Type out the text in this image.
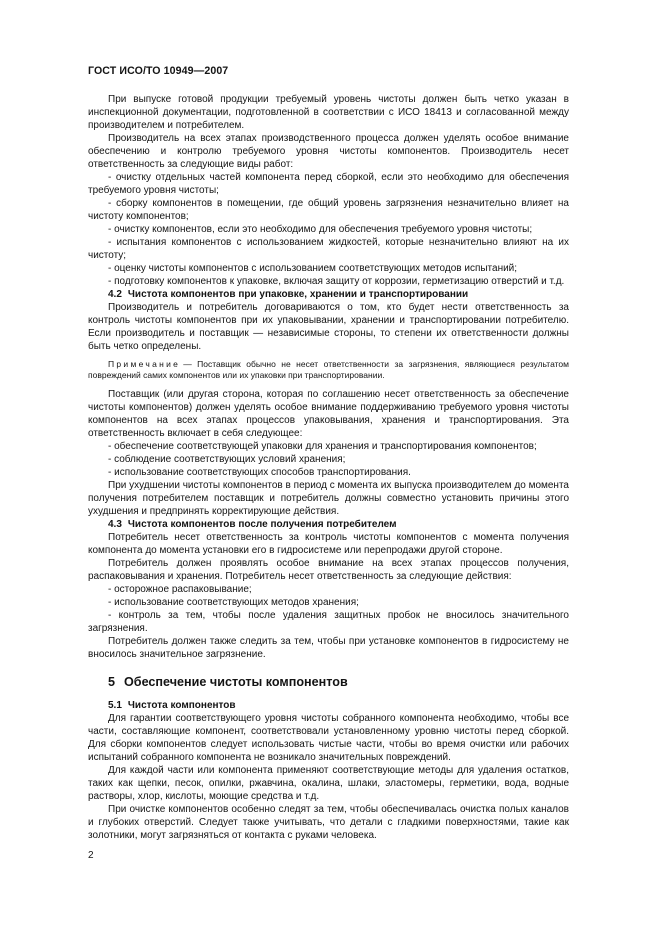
ГОСТ ИСО/ТО 10949—2007

При выпуске готовой продукции требуемый уровень чистоты должен быть четко указан в инспекционной документации, подготовленной в соответствии с ИСО 18413 и согласованной между производителем и потребителем.

Производитель на всех этапах производственного процесса должен уделять особое внимание обеспечению и контролю требуемого уровня чистоты компонентов. Производитель несет ответственность за следующие виды работ:

- очистку отдельных частей компонента перед сборкой, если это необходимо для обеспечения требуемого уровня чистоты;

- сборку компонентов в помещении, где общий уровень загрязнения незначительно влияет на чистоту компонентов;

- очистку компонентов, если это необходимо для обеспечения требуемого уровня чистоты;

- испытания компонентов с использованием жидкостей, которые незначительно влияют на их чистоту;

- оценку чистоты компонентов с использованием соответствующих методов испытаний;

- подготовку компонентов к упаковке, включая защиту от коррозии, герметизацию отверстий и т.д.

4.2 Чистота компонентов при упаковке, хранении и транспортировании

Производитель и потребитель договариваются о том, кто будет нести ответственность за контроль чистоты компонентов при их упаковывании, хранении и транспортировании потребителю. Если производитель и поставщик — независимые стороны, то степени их ответственности должны быть четко определены.

Примечание — Поставщик обычно не несет ответственности за загрязнения, являющиеся результатом повреждений самих компонентов или их упаковки при транспортировании.

Поставщик (или другая сторона, которая по соглашению несет ответственность за обеспечение чистоты компонентов) должен уделять особое внимание поддерживанию требуемого уровня чистоты компонентов на всех этапах процессов упаковывания, хранения и транспортирования. Эта ответственность включает в себя следующее:

- обеспечение соответствующей упаковки для хранения и транспортирования компонентов;

- соблюдение соответствующих условий хранения;

- использование соответствующих способов транспортирования.

При ухудшении чистоты компонентов в период с момента их выпуска производителем до момента получения потребителем поставщик и потребитель должны совместно установить причины этого ухудшения и предпринять корректирующие действия.

4.3 Чистота компонентов после получения потребителем

Потребитель несет ответственность за контроль чистоты компонентов с момента получения компонента до момента установки его в гидросистеме или перепродажи другой стороне.

Потребитель должен проявлять особое внимание на всех этапах процессов получения, распаковывания и хранения. Потребитель несет ответственность за следующие действия:

- осторожное распаковывание;

- использование соответствующих методов хранения;

- контроль за тем, чтобы после удаления защитных пробок не вносилось значительного загрязнения.

Потребитель должен также следить за тем, чтобы при установке компонентов в гидросистему не вносилось значительное загрязнение.

5 Обеспечение чистоты компонентов

5.1 Чистота компонентов

Для гарантии соответствующего уровня чистоты собранного компонента необходимо, чтобы все части, составляющие компонент, соответствовали установленному уровню чистоты перед сборкой. Для сборки компонентов следует использовать чистые части, чтобы во время очистки или рабочих испытаний собранного компонента не возникало значительных повреждений.

Для каждой части или компонента применяют соответствующие методы для удаления остатков, таких как щепки, песок, опилки, ржавчина, окалина, шлаки, эластомеры, герметики, вода, водные растворы, хлор, кислоты, моющие средства и т.д.

При очистке компонентов особенно следят за тем, чтобы обеспечивалась очистка полых каналов и глубоких отверстий. Следует также учитывать, что детали с гладкими поверхностями, такие как золотники, могут загрязняться от контакта с руками человека.

2
